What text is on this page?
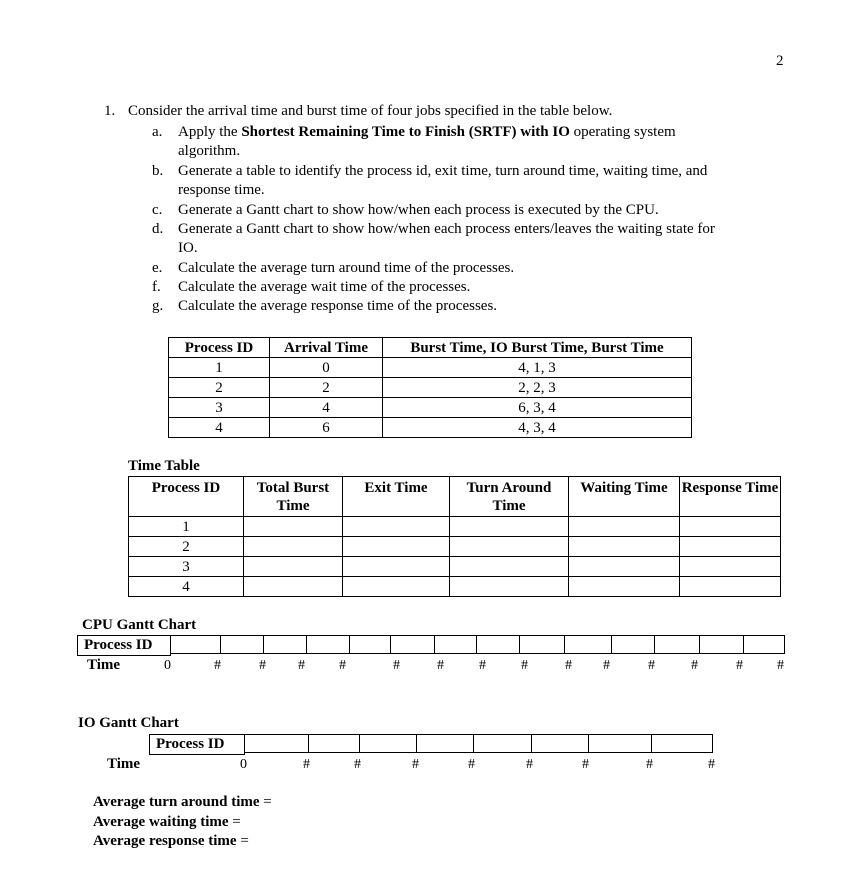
2
1. Consider the arrival time and burst time of four jobs specified in the table below.
a. Apply the Shortest Remaining Time to Finish (SRTF) with IO operating system
algorithm.
b. Generate a table to identify the process id, exit time, turn around time, waiting time, and
response time.
c. Generate a Gantt chart to show how/when each process is executed by the CPU.
d. Generate a Gantt chart to show how/when each process enters/leaves the waiting state for
IO.
e. Calculate the average turn around time of the processes.
f. Calculate the average wait time of the processes.
g. Calculate the average response time of the processes.
Process ID	Arrival Time	Burst Time, IO Burst Time, Burst Time
1	0	4, 1, 3
2	2	2, 2, 3
3	4	6, 3, 4
4	6	4, 3, 4
Time Table
Process ID	Total Burst Time	Exit Time	Turn Around Time	Waiting Time	Response Time
1					
2					
3					
4					
CPU Gantt Chart
Process ID
Time	0	#	# # #	#	#	#	#	# #	#	#	# #
IO Gantt Chart
Process ID
Time	0	#	#	#	#	#	#	#	#
Average turn around time =
Average waiting time =
Average response time =
